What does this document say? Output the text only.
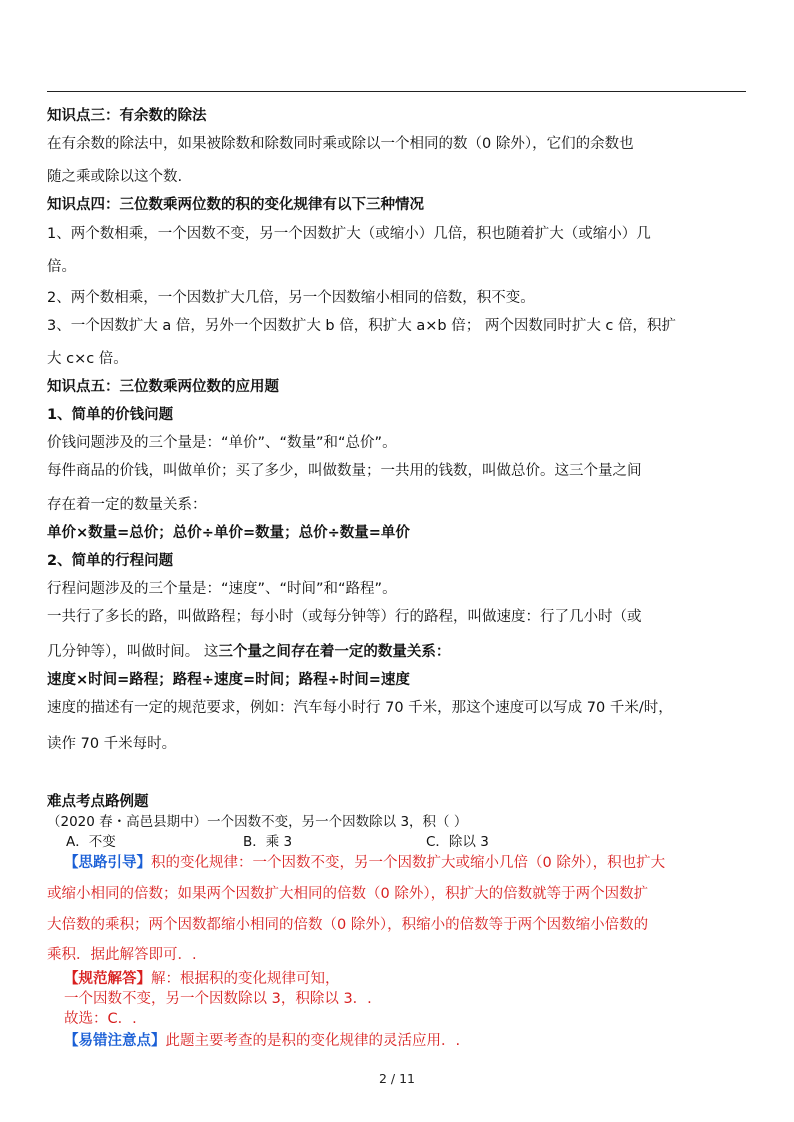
知识点三：有余数的除法
在有余数的除法中，如果被除数和除数同时乘或除以一个相同的数（0 除外），它们的余数也
随之乘或除以这个数.
知识点四：三位数乘两位数的积的变化规律有以下三种情况
1、两个数相乘，一个因数不变，另一个因数扩大（或缩小）几倍，积也随着扩大（或缩小）几
倍。
2、两个数相乘，一个因数扩大几倍，另一个因数缩小相同的倍数，积不变。
3、一个因数扩大 a 倍，另外一个因数扩大 b 倍，积扩大 a×b 倍； 两个因数同时扩大 c 倍，积扩
大 c×c 倍。
知识点五：三位数乘两位数的应用题
1、简单的价钱问题
价钱问题涉及的三个量是：“单价”、“数量”和“总价”。
每件商品的价钱，叫做单价；买了多少，叫做数量；一共用的钱数，叫做总价。这三个量之间
存在着一定的数量关系：
单价×数量=总价；总价÷单价=数量；总价÷数量=单价
2、简单的行程问题
行程问题涉及的三个量是：“速度”、“时间”和“路程”。
一共行了多长的路，叫做路程；每小时（或每分钟等）行的路程，叫做速度：行了几小时（或
几分钟等），叫做时间。 这三个量之间存在着一定的数量关系：
速度×时间=路程；路程÷速度=时间；路程÷时间=速度
速度的描述有一定的规范要求，例如：汽车每小时行 70 千米，那这个速度可以写成 70 千米/时，
读作 70 千米每时。
难点考点路例题
（2020 春・高邑县期中）一个因数不变，另一个因数除以 3，积（ ）
A．不变	B．乘 3	C．除以 3
【思路引导】积的变化规律：一个因数不变，另一个因数扩大或缩小几倍（0 除外），积也扩大
或缩小相同的倍数；如果两个因数扩大相同的倍数（0 除外），积扩大的倍数就等于两个因数扩
大倍数的乘积；两个因数都缩小相同的倍数（0 除外），积缩小的倍数等于两个因数缩小倍数的
乘积．据此解答即可．.
【规范解答】解：根据积的变化规律可知，
一个因数不变，另一个因数除以 3，积除以 3．.
故选：C．.
【易错注意点】此题主要考查的是积的变化规律的灵活应用．.
2 / 11
